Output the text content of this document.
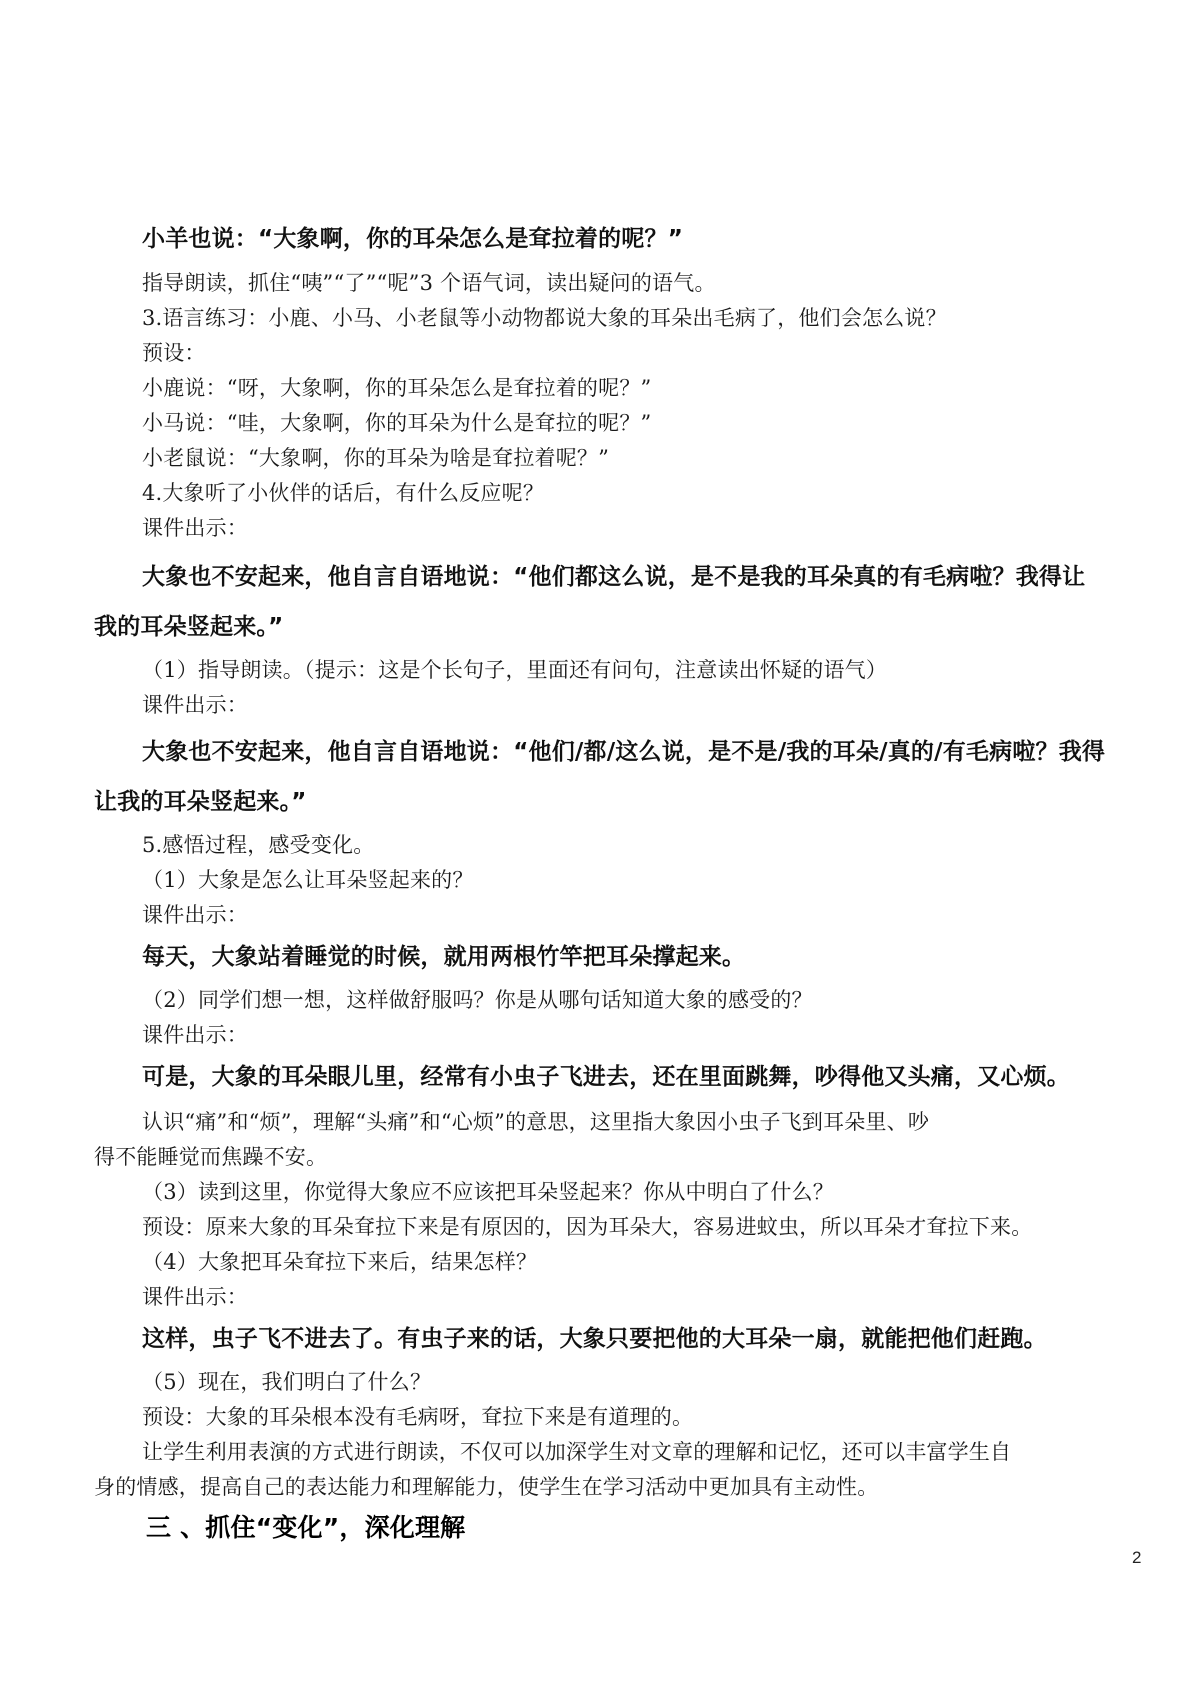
小羊也说：“大象啊，你的耳朵怎么是耷拉着的呢？”
指导朗读，抓住“咦”“了”“呢”3 个语气词，读出疑问的语气。
3.语言练习：小鹿、小马、小老鼠等小动物都说大象的耳朵出毛病了，他们会怎么说？
预设：
小鹿说：“呀，大象啊，你的耳朵怎么是耷拉着的呢？”
小马说：“哇，大象啊，你的耳朵为什么是耷拉的呢？”
小老鼠说：“大象啊，你的耳朵为啥是耷拉着呢？”
4.大象听了小伙伴的话后，有什么反应呢？
课件出示：
大象也不安起来，他自言自语地说：“他们都这么说，是不是我的耳朵真的有毛病啦？我得让
我的耳朵竖起来。”
（1）指导朗读。（提示：这是个长句子，里面还有问句，注意读出怀疑的语气）
课件出示：
大象也不安起来，他自言自语地说：“他们/都/这么说，是不是/我的耳朵/真的/有毛病啦？我得
让我的耳朵竖起来。”
5.感悟过程，感受变化。
（1）大象是怎么让耳朵竖起来的？
课件出示：
每天，大象站着睡觉的时候，就用两根竹竿把耳朵撑起来。
（2）同学们想一想，这样做舒服吗？你是从哪句话知道大象的感受的？
课件出示：
可是，大象的耳朵眼儿里，经常有小虫子飞进去，还在里面跳舞，吵得他又头痛，又心烦。
认识“痛”和“烦”，理解“头痛”和“心烦”的意思，这里指大象因小虫子飞到耳朵里、吵
得不能睡觉而焦躁不安。
（3）读到这里，你觉得大象应不应该把耳朵竖起来？你从中明白了什么？
预设：原来大象的耳朵耷拉下来是有原因的，因为耳朵大，容易进蚊虫，所以耳朵才耷拉下来。
（4）大象把耳朵耷拉下来后，结果怎样？
课件出示：
这样，虫子飞不进去了。有虫子来的话，大象只要把他的大耳朵一扇，就能把他们赶跑。
（5）现在，我们明白了什么？
预设：大象的耳朵根本没有毛病呀，耷拉下来是有道理的。
让学生利用表演的方式进行朗读，不仅可以加深学生对文章的理解和记忆，还可以丰富学生自
身的情感，提高自己的表达能力和理解能力，使学生在学习活动中更加具有主动性。
三 、抓住“变化”，深化理解
2
